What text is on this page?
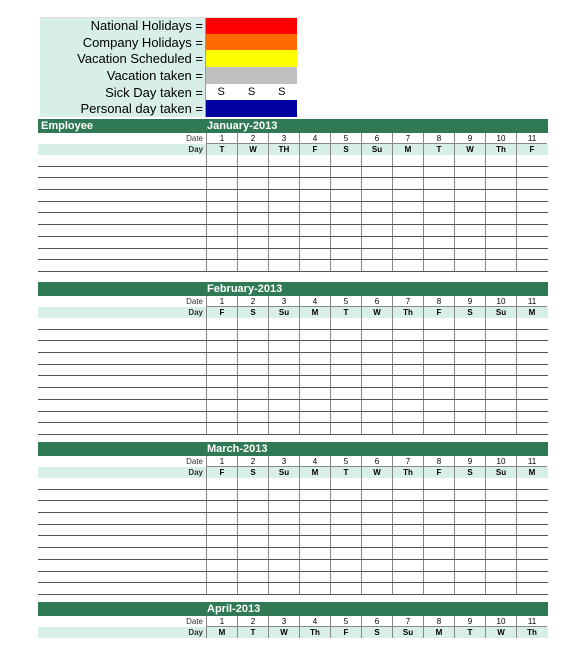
National Holidays =
Company Holidays =
Vacation Scheduled =
Vacation taken =
Sick Day taken =	S	S	S
Personal day taken =
Employee	January-2013
Date	1	2	3	4	5	6	7	8	9	10	11
Day	T	W	TH	F	S	Su	M	T	W	Th	F
February-2013
Date	1	2	3	4	5	6	7	8	9	10	11
Day	F	S	Su	M	T	W	Th	F	S	Su	M
March-2013
Date	1	2	3	4	5	6	7	8	9	10	11
Day	F	S	Su	M	T	W	Th	F	S	Su	M
April-2013
Date	1	2	3	4	5	6	7	8	9	10	11
Day	M	T	W	Th	F	S	Su	M	T	W	Th
